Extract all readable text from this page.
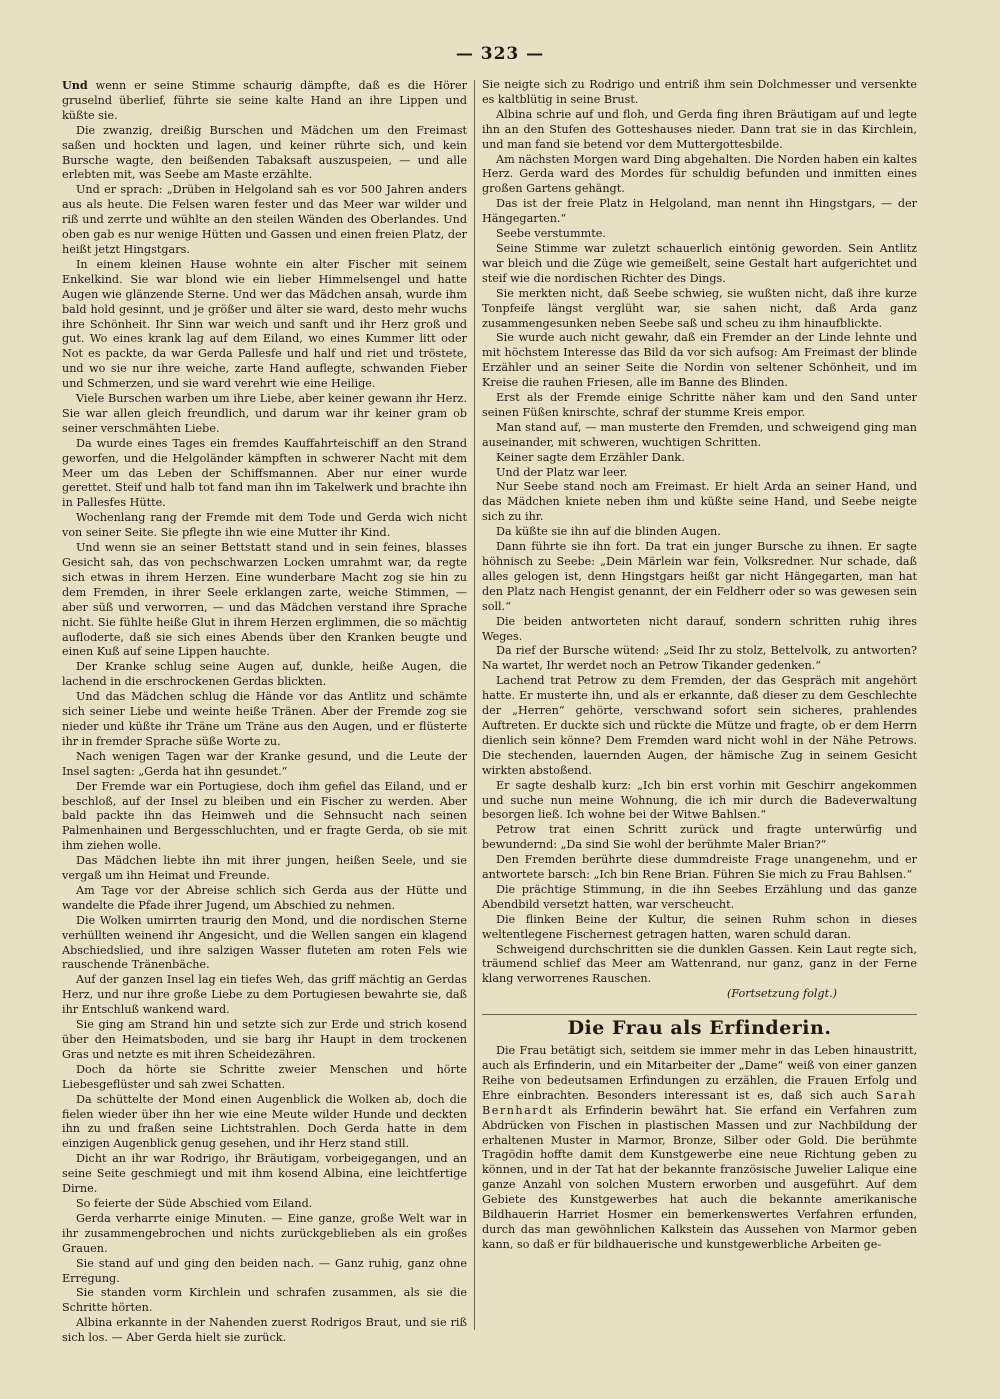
— 323 —

Und wenn er seine Stimme schaurig dämpfte, daß es die Hörer gruselnd überlief, führte sie seine kalte Hand an ihre Lippen und küßte sie.

Die zwanzig, dreißig Burschen und Mädchen um den Freimast saßen und hockten und lagen, und keiner rührte sich, und kein Bursche wagte, den beißenden Tabaksaft auszuspeien, — und alle erlebten mit, was Seebe am Maste erzählte.

Und er sprach: „Drüben in Helgoland sah es vor 500 Jahren anders aus als heute. Die Felsen waren fester und das Meer war wilder und riß und zerrte und wühlte an den steilen Wänden des Oberlandes. Und oben gab es nur wenige Hütten und Gassen und einen freien Platz, der heißt jetzt Hingstgars.

In einem kleinen Hause wohnte ein alter Fischer mit seinem Enkelkind. Sie war blond wie ein lieber Himmelsengel und hatte Augen wie glänzende Sterne. Und wer das Mädchen ansah, wurde ihm bald hold gesinnt, und je größer und älter sie ward, desto mehr wuchs ihre Schönheit. Ihr Sinn war weich und sanft und ihr Herz groß und gut. Wo eines krank lag auf dem Eiland, wo eines Kummer litt oder Not es packte, da war Gerda Pallesfe und half und riet und tröstete, und wo sie nur ihre weiche, zarte Hand auflegte, schwanden Fieber und Schmerzen, und sie ward verehrt wie eine Heilige.

Viele Burschen warben um ihre Liebe, aber keiner gewann ihr Herz. Sie war allen gleich freundlich, und darum war ihr keiner gram ob seiner verschmähten Liebe.

Da wurde eines Tages ein fremdes Kauffahrteischiff an den Strand geworfen, und die Helgoländer kämpften in schwerer Nacht mit dem Meer um das Leben der Schiffsmannen. Aber nur einer wurde gerettet. Steif und halb tot fand man ihn im Takelwerk und brachte ihn in Pallesfes Hütte.

Wochenlang rang der Fremde mit dem Tode und Gerda wich nicht von seiner Seite. Sie pflegte ihn wie eine Mutter ihr Kind.

Und wenn sie an seiner Bettstatt stand und in sein feines, blasses Gesicht sah, das von pechschwarzen Locken umrahmt war, da regte sich etwas in ihrem Herzen. Eine wunderbare Macht zog sie hin zu dem Fremden, in ihrer Seele erklangen zarte, weiche Stimmen, — aber süß und verworren, — und das Mädchen verstand ihre Sprache nicht. Sie fühlte heiße Glut in ihrem Herzen erglimmen, die so mächtig aufloderte, daß sie sich eines Abends über den Kranken beugte und einen Kuß auf seine Lippen hauchte.

Der Kranke schlug seine Augen auf, dunkle, heiße Augen, die lachend in die erschrockenen Gerdas blickten.

Und das Mädchen schlug die Hände vor das Antlitz und schämte sich seiner Liebe und weinte heiße Tränen. Aber der Fremde zog sie nieder und küßte ihr Träne um Träne aus den Augen, und er flüsterte ihr in fremder Sprache süße Worte zu.

Nach wenigen Tagen war der Kranke gesund, und die Leute der Insel sagten: „Gerda hat ihn gesundet.“

Der Fremde war ein Portugiese, doch ihm gefiel das Eiland, und er beschloß, auf der Insel zu bleiben und ein Fischer zu werden. Aber bald packte ihn das Heimweh und die Sehnsucht nach seinen Palmenhainen und Bergesschluchten, und er fragte Gerda, ob sie mit ihm ziehen wolle.

Das Mädchen liebte ihn mit ihrer jungen, heißen Seele, und sie vergaß um ihn Heimat und Freunde.

Am Tage vor der Abreise schlich sich Gerda aus der Hütte und wandelte die Pfade ihrer Jugend, um Abschied zu nehmen.

Die Wolken umirrten traurig den Mond, und die nordischen Sterne verhüllten weinend ihr Angesicht, und die Wellen sangen ein klagend Abschiedslied, und ihre salzigen Wasser fluteten am roten Fels wie rauschende Tränenbäche.

Auf der ganzen Insel lag ein tiefes Weh, das griff mächtig an Gerdas Herz, und nur ihre große Liebe zu dem Portugiesen bewahrte sie, daß ihr Entschluß wankend ward.

Sie ging am Strand hin und setzte sich zur Erde und strich kosend über den Heimatsboden, und sie barg ihr Haupt in dem trockenen Gras und netzte es mit ihren Scheidezähren.

Doch da hörte sie Schritte zweier Menschen und hörte Liebesgeflüster und sah zwei Schatten.

Da schüttelte der Mond einen Augenblick die Wolken ab, doch die fielen wieder über ihn her wie eine Meute wilder Hunde und deckten ihn zu und fraßen seine Lichtstrahlen. Doch Gerda hatte in dem einzigen Augenblick genug gesehen, und ihr Herz stand still.

Dicht an ihr war Rodrigo, ihr Bräutigam, vorbeigegangen, und an seine Seite geschmiegt und mit ihm kosend Albina, eine leichtfertige Dirne.

So feierte der Süde Abschied vom Eiland.

Gerda verharrte einige Minuten. — Eine ganze, große Welt war in ihr zusammengebrochen und nichts zurückgeblieben als ein großes Grauen.

Sie stand auf und ging den beiden nach. — Ganz ruhig, ganz ohne Erregung.

Sie standen vorm Kirchlein und schrafen zusammen, als sie die Schritte hörten.

Albina erkannte in der Nahenden zuerst Rodrigos Braut, und sie riß sich los. — Aber Gerda hielt sie zurück.

Sie neigte sich zu Rodrigo und entriß ihm sein Dolchmesser und versenkte es kaltblütig in seine Brust.

Albina schrie auf und floh, und Gerda fing ihren Bräutigam auf und legte ihn an den Stufen des Gotteshauses nieder. Dann trat sie in das Kirchlein, und man fand sie betend vor dem Muttergottesbilde.

Am nächsten Morgen ward Ding abgehalten. Die Norden haben ein kaltes Herz. Gerda ward des Mordes für schuldig befunden und inmitten eines großen Gartens gehängt.

Das ist der freie Platz in Helgoland, man nennt ihn Hingstgars, — der Hängegarten.“

Seebe verstummte.

Seine Stimme war zuletzt schauerlich eintönig geworden. Sein Antlitz war bleich und die Züge wie gemeißelt, seine Gestalt hart aufgerichtet und steif wie die nordischen Richter des Dings.

Sie merkten nicht, daß Seebe schwieg, sie wußten nicht, daß ihre kurze Tonpfeife längst verglüht war, sie sahen nicht, daß Arda ganz zusammengesunken neben Seebe saß und scheu zu ihm hinaufblickte.

Sie wurde auch nicht gewahr, daß ein Fremder an der Linde lehnte und mit höchstem Interesse das Bild da vor sich aufsog: Am Freimast der blinde Erzähler und an seiner Seite die Nordin von seltener Schönheit, und im Kreise die rauhen Friesen, alle im Banne des Blinden.

Erst als der Fremde einige Schritte näher kam und den Sand unter seinen Füßen knirschte, schraf der stumme Kreis empor.

Man stand auf, — man musterte den Fremden, und schweigend ging man auseinander, mit schweren, wuchtigen Schritten.

Keiner sagte dem Erzähler Dank.

Und der Platz war leer.

Nur Seebe stand noch am Freimast. Er hielt Arda an seiner Hand, und das Mädchen kniete neben ihm und küßte seine Hand, und Seebe neigte sich zu ihr.

Da küßte sie ihn auf die blinden Augen.

Dann führte sie ihn fort. Da trat ein junger Bursche zu ihnen. Er sagte höhnisch zu Seebe: „Dein Märlein war fein, Volksredner. Nur schade, daß alles gelogen ist, denn Hingstgars heißt gar nicht Hängegarten, man hat den Platz nach Hengist genannt, der ein Feldherr oder so was gewesen sein soll.“

Die beiden antworteten nicht darauf, sondern schritten ruhig ihres Weges.

Da rief der Bursche wütend: „Seid Ihr zu stolz, Bettelvolk, zu antworten? Na wartet, Ihr werdet noch an Petrow Tikander gedenken.“

Lachend trat Petrow zu dem Fremden, der das Gespräch mit angehört hatte. Er musterte ihn, und als er erkannte, daß dieser zu dem Geschlechte der „Herren“ gehörte, verschwand sofort sein sicheres, prahlendes Auftreten. Er duckte sich und rückte die Mütze und fragte, ob er dem Herrn dienlich sein könne? Dem Fremden ward nicht wohl in der Nähe Petrows. Die stechenden, lauernden Augen, der hämische Zug in seinem Gesicht wirkten abstoßend.

Er sagte deshalb kurz: „Ich bin erst vorhin mit Geschirr angekommen und suche nun meine Wohnung, die ich mir durch die Badeverwaltung besorgen ließ. Ich wohne bei der Witwe Bahlsen.“

Petrow trat einen Schritt zurück und fragte unterwürfig und bewundernd: „Da sind Sie wohl der berühmte Maler Brian?“

Den Fremden berührte diese dummdreiste Frage unangenehm, und er antwortete barsch: „Ich bin Rene Brian. Führen Sie mich zu Frau Bahlsen.“

Die prächtige Stimmung, in die ihn Seebes Erzählung und das ganze Abendbild versetzt hatten, war verscheucht.

Die flinken Beine der Kultur, die seinen Ruhm schon in dieses weltentlegene Fischernest getragen hatten, waren schuld daran.

Schweigend durchschritten sie die dunklen Gassen. Kein Laut regte sich, träumend schlief das Meer am Wattenrand, nur ganz, ganz in der Ferne klang verworrenes Rauschen.

(Fortsetzung folgt.)
Die Frau als Erfinderin.

Die Frau betätigt sich, seitdem sie immer mehr in das Leben hinaustritt, auch als Erfinderin, und ein Mitarbeiter der „Dame“ weiß von einer ganzen Reihe von bedeutsamen Erfindungen zu erzählen, die Frauen Erfolg und Ehre einbrachten. Besonders interessant ist es, daß sich auch Sarah Bernhardt als Erfinderin bewährt hat. Sie erfand ein Verfahren zum Abdrücken von Fischen in plastischen Massen und zur Nachbildung der erhaltenen Muster in Marmor, Bronze, Silber oder Gold. Die berühmte Tragödin hoffte damit dem Kunstgewerbe eine neue Richtung geben zu können, und in der Tat hat der bekannte französische Juwelier Lalique eine ganze Anzahl von solchen Mustern erworben und ausgeführt. Auf dem Gebiete des Kunstgewerbes hat auch die bekannte amerikanische Bildhauerin Harriet Hosmer ein bemerkenswertes Verfahren erfunden, durch das man gewöhnlichen Kalkstein das Aussehen von Marmor geben kann, so daß er für bildhauerische und kunstgewerbliche Arbeiten ge-
